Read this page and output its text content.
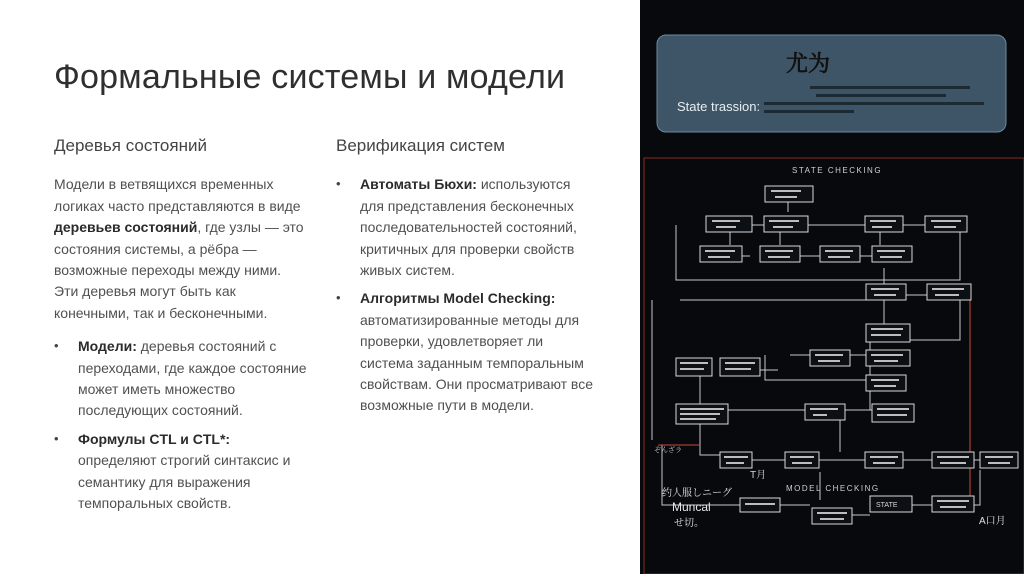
Формальные системы и модели
Деревья состояний

Модели в ветвящихся временных логиках часто представляются в виде деревьев состояний, где узлы — это состояния системы, а рёбра — возможные переходы между ними. Эти деревья могут быть как конечными, так и бесконечными.

• Модели: деревья состояний с переходами, где каждое состояние может иметь множество последующих состояний.
• Формулы CTL и CTL*: определяют строгий синтаксис и семантику для выражения темпоральных свойств.
Верификация систем
• Автоматы Бюхи: используются для представления бесконечных последовательностей состояний, критичных для проверки свойств живых систем.
• Алгоритмы Model Checking: автоматизированные методы для проверки, удовлетворяет ли система заданным темпоральным свойствам. Они просматривают все возможные пути в модели.
尤为
State trassion:
STATE CHECKING
MODEL CHECKING
STATE
ぞんざラ
T月
约人服しニーグ
Muncal
せ切。	A口月
